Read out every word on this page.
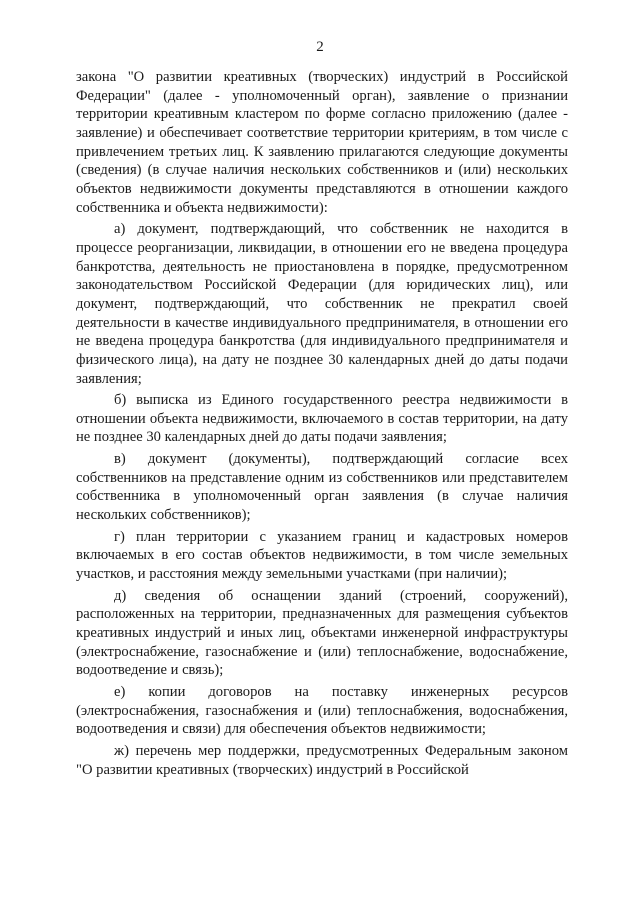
2

закона "О развитии креативных (творческих) индустрий в Российской Федерации" (далее - уполномоченный орган), заявление о признании территории креативным кластером по форме согласно приложению (далее - заявление) и обеспечивает соответствие территории критериям, в том числе с привлечением третьих лиц. К заявлению прилагаются следующие документы (сведения) (в случае наличия нескольких собственников и (или) нескольких объектов недвижимости документы представляются в отношении каждого собственника и объекта недвижимости):

а) документ, подтверждающий, что собственник не находится в процессе реорганизации, ликвидации, в отношении его не введена процедура банкротства, деятельность не приостановлена в порядке, предусмотренном законодательством Российской Федерации (для юридических лиц), или документ, подтверждающий, что собственник не прекратил своей деятельности в качестве индивидуального предпринимателя, в отношении его не введена процедура банкротства (для индивидуального предпринимателя и физического лица), на дату не позднее 30 календарных дней до даты подачи заявления;

б) выписка из Единого государственного реестра недвижимости в отношении объекта недвижимости, включаемого в состав территории, на дату не позднее 30 календарных дней до даты подачи заявления;

в) документ (документы), подтверждающий согласие всех собственников на представление одним из собственников или представителем собственника в уполномоченный орган заявления (в случае наличия нескольких собственников);

г) план территории с указанием границ и кадастровых номеров включаемых в его состав объектов недвижимости, в том числе земельных участков, и расстояния между земельными участками (при наличии);

д) сведения об оснащении зданий (строений, сооружений), расположенных на территории, предназначенных для размещения субъектов креативных индустрий и иных лиц, объектами инженерной инфраструктуры (электроснабжение, газоснабжение и (или) теплоснабжение, водоснабжение, водоотведение и связь);

е) копии договоров на поставку инженерных ресурсов (электроснабжения, газоснабжения и (или) теплоснабжения, водоснабжения, водоотведения и связи) для обеспечения объектов недвижимости;

ж) перечень мер поддержки, предусмотренных Федеральным законом "О развитии креативных (творческих) индустрий в Российской
